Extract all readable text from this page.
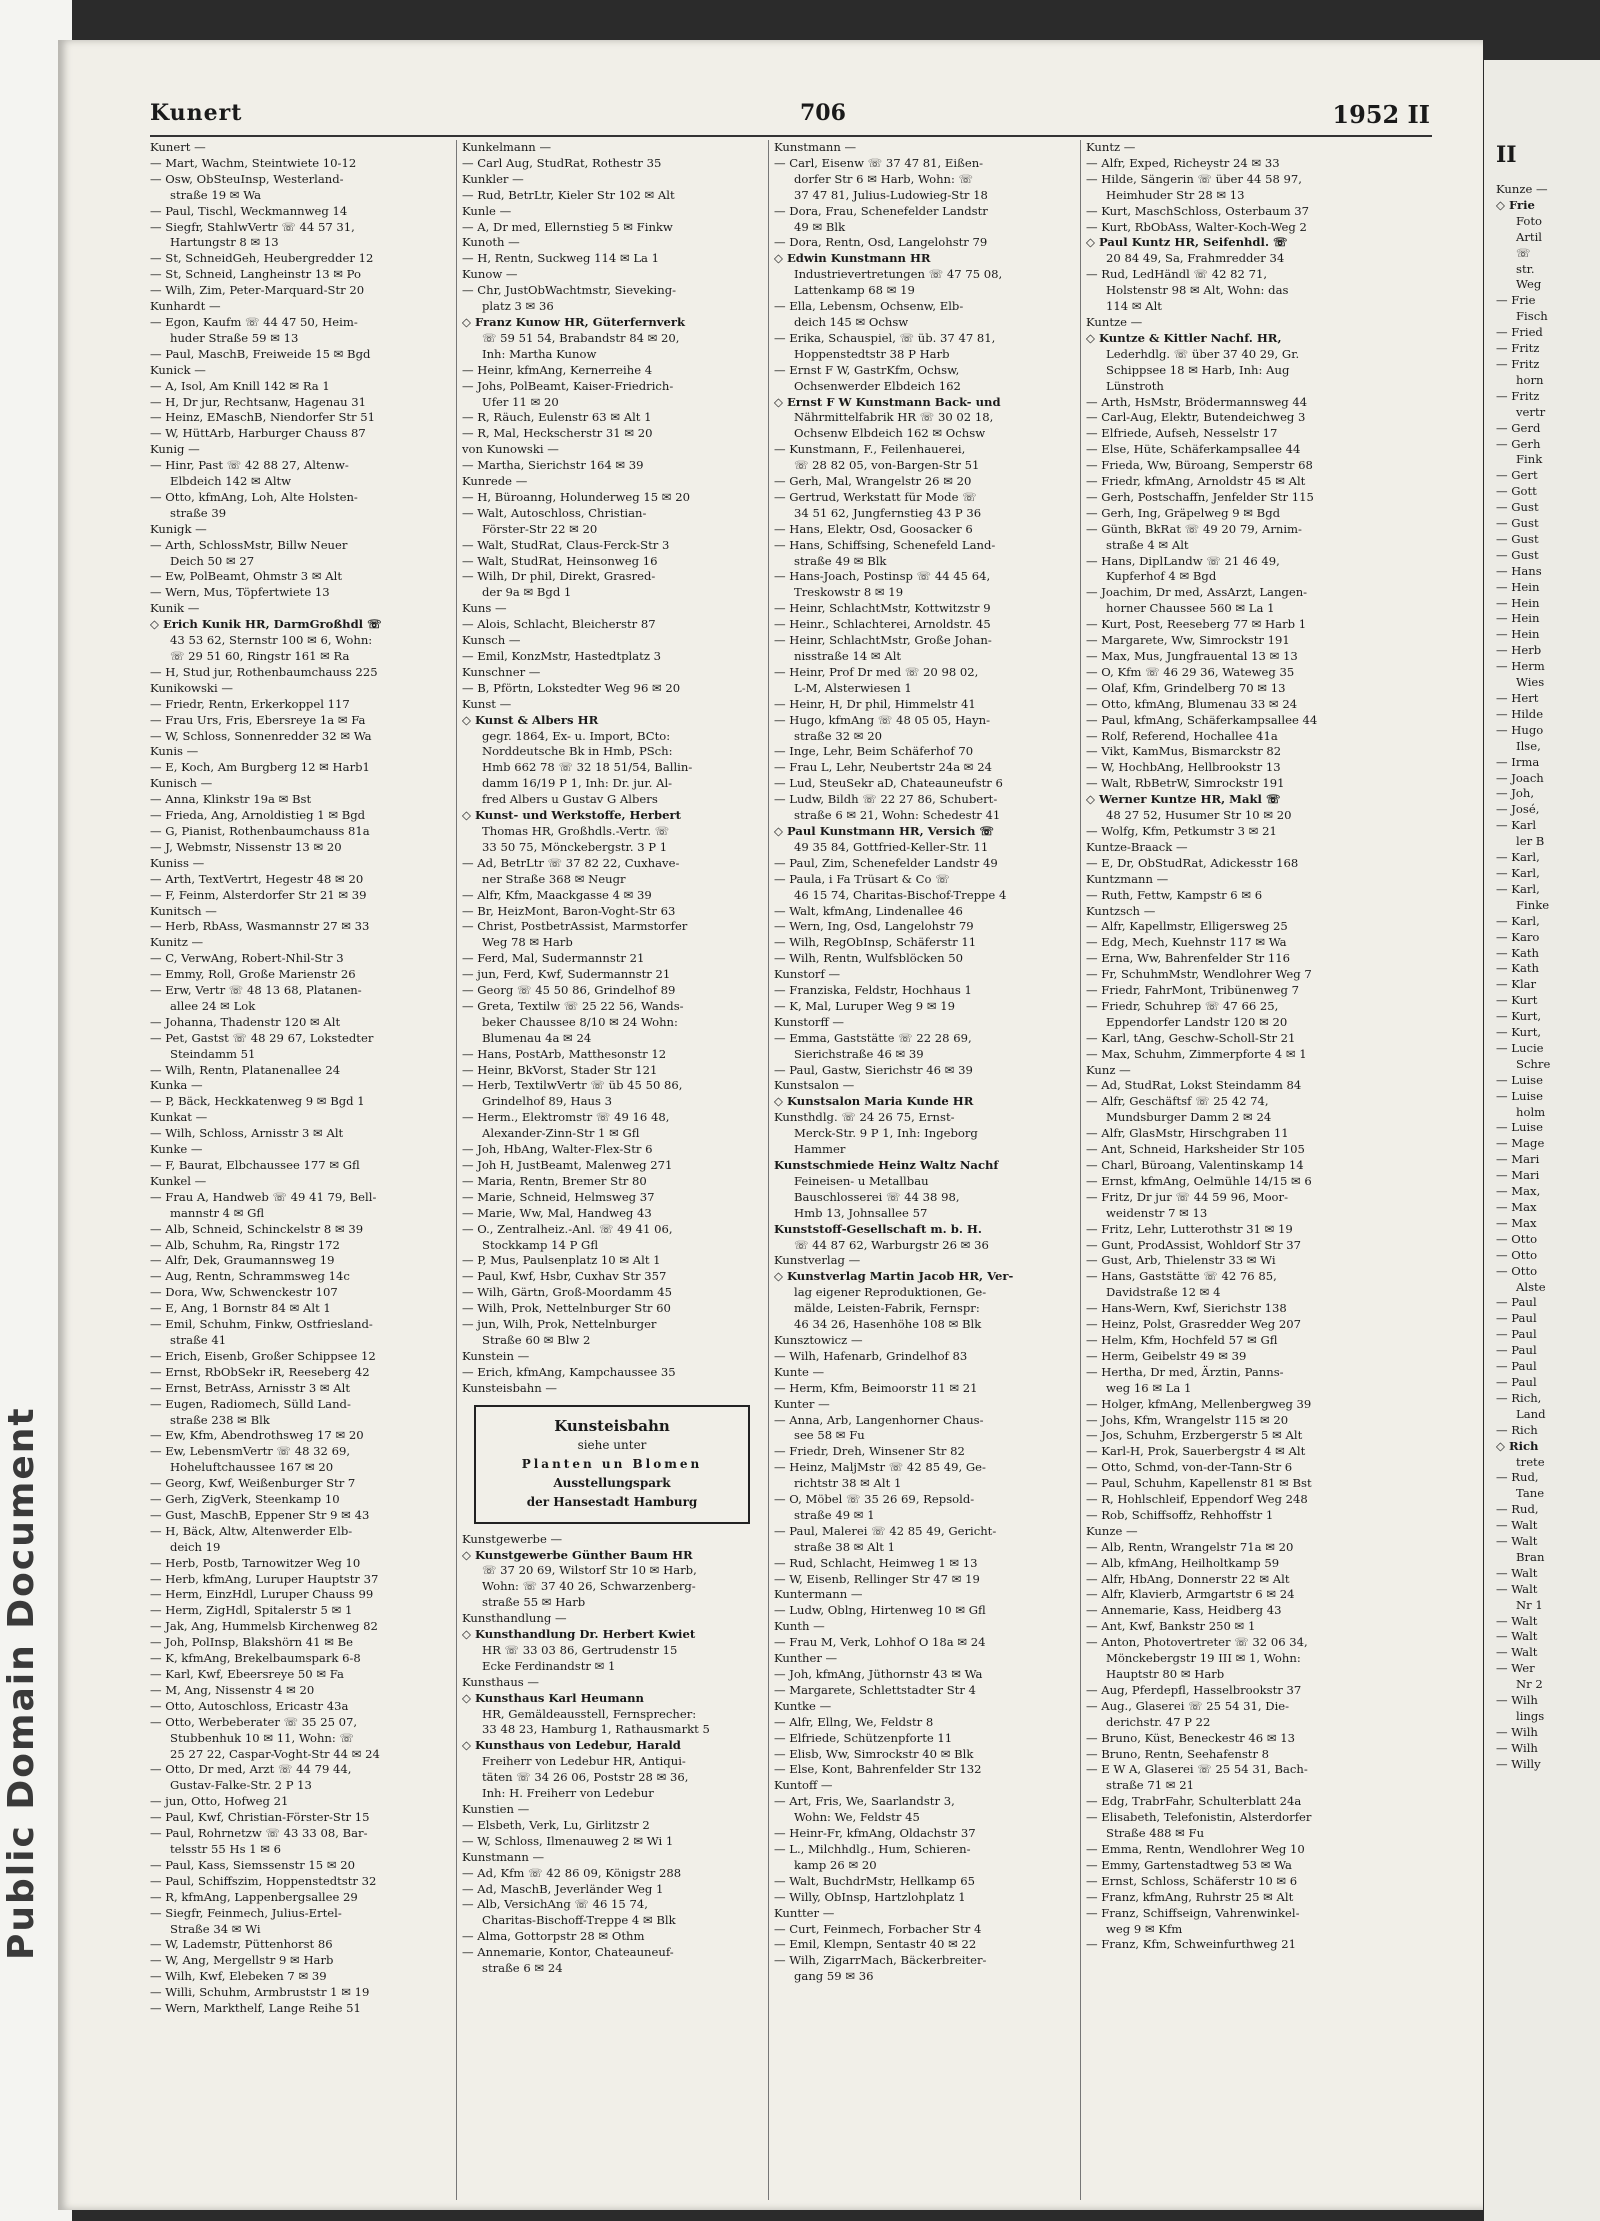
Public Domain Document
Kunert	706	1952 II
Kunert —
— Mart, Wachm, Steintwiete 10-12
— Osw, ObSteuInsp, Westerland-
straße 19 ✉ Wa
— Paul, Tischl, Weckmannweg 14
— Siegfr, StahlwVertr ☏ 44 57 31,
Hartungstr 8 ✉ 13
— St, SchneidGeh, Heubergredder 12
— St, Schneid, Langheinstr 13 ✉ Po
— Wilh, Zim, Peter-Marquard-Str 20
Kunhardt —
— Egon, Kaufm ☏ 44 47 50, Heim-
huder Straße 59 ✉ 13
— Paul, MaschB, Freiweide 15 ✉ Bgd
Kunick —
— A, Isol, Am Knill 142 ✉ Ra 1
— H, Dr jur, Rechtsanw, Hagenau 31
— Heinz, EMaschB, Niendorfer Str 51
— W, HüttArb, Harburger Chauss 87
Kunig —
— Hinr, Past ☏ 42 88 27, Altenw-
Elbdeich 142 ✉ Altw
— Otto, kfmAng, Loh, Alte Holsten-
straße 39
Kunigk —
— Arth, SchlossMstr, Billw Neuer
Deich 50 ✉ 27
— Ew, PolBeamt, Ohmstr 3 ✉ Alt
— Wern, Mus, Töpfertwiete 13
Kunik —
◇ Erich Kunik HR, DarmGroßhdl ☏
43 53 62, Sternstr 100 ✉ 6, Wohn:
☏ 29 51 60, Ringstr 161 ✉ Ra
— H, Stud jur, Rothenbaumchauss 225
Kunikowski —
— Friedr, Rentn, Erkerkoppel 117
— Frau Urs, Fris, Ebersreye 1a ✉ Fa
— W, Schloss, Sonnenredder 32 ✉ Wa
Kunis —
— E, Koch, Am Burgberg 12 ✉ Harb1
Kunisch —
— Anna, Klinkstr 19a ✉ Bst
— Frieda, Ang, Arnoldistieg 1 ✉ Bgd
— G, Pianist, Rothenbaumchauss 81a
— J, Webmstr, Nissenstr 13 ✉ 20
Kuniss —
— Arth, TextVertrt, Hegestr 48 ✉ 20
— F, Feinm, Alsterdorfer Str 21 ✉ 39
Kunitsch —
— Herb, RbAss, Wasmannstr 27 ✉ 33
Kunitz —
— C, VerwAng, Robert-Nhil-Str 3
— Emmy, Roll, Große Marienstr 26
— Erw, Vertr ☏ 48 13 68, Platanen-
allee 24 ✉ Lok
— Johanna, Thadenstr 120 ✉ Alt
— Pet, Gastst ☏ 48 29 67, Lokstedter
Steindamm 51
— Wilh, Rentn, Platanenallee 24
Kunka —
— P, Bäck, Heckkatenweg 9 ✉ Bgd 1
Kunkat —
— Wilh, Schloss, Arnisstr 3 ✉ Alt
Kunke —
— F, Baurat, Elbchaussee 177 ✉ Gfl
Kunkel —
— Frau A, Handweb ☏ 49 41 79, Bell-
mannstr 4 ✉ Gfl
— Alb, Schneid, Schinckelstr 8 ✉ 39
— Alb, Schuhm, Ra, Ringstr 172
— Alfr, Dek, Graumannsweg 19
— Aug, Rentn, Schrammsweg 14c
— Dora, Ww, Schwenckestr 107
— E, Ang, 1 Bornstr 84 ✉ Alt 1
— Emil, Schuhm, Finkw, Ostfriesland-
straße 41
— Erich, Eisenb, Großer Schippsee 12
— Ernst, RbObSekr iR, Reeseberg 42
— Ernst, BetrAss, Arnisstr 3 ✉ Alt
— Eugen, Radiomech, Sülld Land-
straße 238 ✉ Blk
— Ew, Kfm, Abendrothsweg 17 ✉ 20
— Ew, LebensmVertr ☏ 48 32 69,
Hoheluftchaussee 167 ✉ 20
— Georg, Kwf, Weißenburger Str 7
— Gerh, ZigVerk, Steenkamp 10
— Gust, MaschB, Eppener Str 9 ✉ 43
— H, Bäck, Altw, Altenwerder Elb-
deich 19
— Herb, Postb, Tarnowitzer Weg 10
— Herb, kfmAng, Luruper Hauptstr 37
— Herm, EinzHdl, Luruper Chauss 99
— Herm, ZigHdl, Spitalerstr 5 ✉ 1
— Jak, Ang, Hummelsb Kirchenweg 82
— Joh, PolInsp, Blakshörn 41 ✉ Be
— K, kfmAng, Brekelbaumspark 6-8
— Karl, Kwf, Ebeersreye 50 ✉ Fa
— M, Ang, Nissenstr 4 ✉ 20
— Otto, Autoschloss, Ericastr 43a
— Otto, Werbeberater ☏ 35 25 07,
Stubbenhuk 10 ✉ 11, Wohn: ☏
25 27 22, Caspar-Voght-Str 44 ✉ 24
— Otto, Dr med, Arzt ☏ 44 79 44,
Gustav-Falke-Str. 2 P 13
— jun, Otto, Hofweg 21
— Paul, Kwf, Christian-Förster-Str 15
— Paul, Rohrnetzw ☏ 43 33 08, Bar-
telsstr 55 Hs 1 ✉ 6
— Paul, Kass, Siemssenstr 15 ✉ 20
— Paul, Schiffszim, Hoppenstedtstr 32
— R, kfmAng, Lappenbergsallee 29
— Siegfr, Feinmech, Julius-Ertel-
Straße 34 ✉ Wi
— W, Lademstr, Püttenhorst 86
— W, Ang, Mergellstr 9 ✉ Harb
— Wilh, Kwf, Elebeken 7 ✉ 39
— Willi, Schuhm, Armbruststr 1 ✉ 19
— Wern, Markthelf, Lange Reihe 51
Kunkelmann —
— Carl Aug, StudRat, Rothestr 35
Kunkler —
— Rud, BetrLtr, Kieler Str 102 ✉ Alt
Kunle —
— A, Dr med, Ellernstieg 5 ✉ Finkw
Kunoth —
— H, Rentn, Suckweg 114 ✉ La 1
Kunow —
— Chr, JustObWachtmstr, Sieveking-
platz 3 ✉ 36
◇ Franz Kunow HR, Güterfernverk
☏ 59 51 54, Brabandstr 84 ✉ 20,
Inh: Martha Kunow
— Heinr, kfmAng, Kernerreihe 4
— Johs, PolBeamt, Kaiser-Friedrich-
Ufer 11 ✉ 20
— R, Räuch, Eulenstr 63 ✉ Alt 1
— R, Mal, Heckscherstr 31 ✉ 20
von Kunowski —
— Martha, Sierichstr 164 ✉ 39
Kunrede —
— H, Büroanng, Holunderweg 15 ✉ 20
— Walt, Autoschloss, Christian-
Förster-Str 22 ✉ 20
— Walt, StudRat, Claus-Ferck-Str 3
— Walt, StudRat, Heinsonweg 16
— Wilh, Dr phil, Direkt, Grasred-
der 9a ✉ Bgd 1
Kuns —
— Alois, Schlacht, Bleicherstr 87
Kunsch —
— Emil, KonzMstr, Hastedtplatz 3
Kunschner —
— B, Pförtn, Lokstedter Weg 96 ✉ 20
Kunst —
◇ Kunst & Albers HR
gegr. 1864, Ex- u. Import, BCto:
Norddeutsche Bk in Hmb, PSch:
Hmb 662 78 ☏ 32 18 51/54, Ballin-
damm 16/19 P 1, Inh: Dr. jur. Al-
fred Albers u Gustav G Albers
◇ Kunst- und Werkstoffe, Herbert
Thomas HR, Großhdls.-Vertr. ☏
33 50 75, Mönckebergstr. 3 P 1
— Ad, BetrLtr ☏ 37 82 22, Cuxhave-
ner Straße 368 ✉ Neugr
— Alfr, Kfm, Maackgasse 4 ✉ 39
— Br, HeizMont, Baron-Voght-Str 63
— Christ, PostbetrAssist, Marmstorfer
Weg 78 ✉ Harb
— Ferd, Mal, Sudermannstr 21
— jun, Ferd, Kwf, Sudermannstr 21
— Georg ☏ 45 50 86, Grindelhof 89
— Greta, Textilw ☏ 25 22 56, Wands-
beker Chaussee 8/10 ✉ 24 Wohn:
Blumenau 4a ✉ 24
— Hans, PostArb, Matthesonstr 12
— Heinr, BkVorst, Stader Str 121
— Herb, TextilwVertr ☏ üb 45 50 86,
Grindelhof 89, Haus 3
— Herm., Elektromstr ☏ 49 16 48,
Alexander-Zinn-Str 1 ✉ Gfl
— Joh, HbAng, Walter-Flex-Str 6
— Joh H, JustBeamt, Malenweg 271
— Maria, Rentn, Bremer Str 80
— Marie, Schneid, Helmsweg 37
— Marie, Ww, Mal, Handweg 43
— O., Zentralheiz.-Anl. ☏ 49 41 06,
Stockkamp 14 P Gfl
— P, Mus, Paulsenplatz 10 ✉ Alt 1
— Paul, Kwf, Hsbr, Cuxhav Str 357
— Wilh, Gärtn, Groß-Moordamm 45
— Wilh, Prok, Nettelnburger Str 60
— jun, Wilh, Prok, Nettelnburger
Straße 60 ✉ Blw 2
Kunstein —
— Erich, kfmAng, Kampchaussee 35
Kunsteisbahn —
Kunsteisbahn
siehe unter
Planten un Blomen
Ausstellungspark
der Hansestadt Hamburg
Kunstgewerbe —
◇ Kunstgewerbe Günther Baum HR
☏ 37 20 69, Wilstorf Str 10 ✉ Harb,
Wohn: ☏ 37 40 26, Schwarzenberg-
straße 55 ✉ Harb
Kunsthandlung —
◇ Kunsthandlung Dr. Herbert Kwiet
HR ☏ 33 03 86, Gertrudenstr 15
Ecke Ferdinandstr ✉ 1
Kunsthaus —
◇ Kunsthaus Karl Heumann
HR, Gemäldeausstell, Fernsprecher:
33 48 23, Hamburg 1, Rathausmarkt 5
◇ Kunsthaus von Ledebur, Harald
Freiherr von Ledebur HR, Antiqui-
täten ☏ 34 26 06, Poststr 28 ✉ 36,
Inh: H. Freiherr von Ledebur
Kunstien —
— Elsbeth, Verk, Lu, Girlitzstr 2
— W, Schloss, Ilmenauweg 2 ✉ Wi 1
Kunstmann —
— Ad, Kfm ☏ 42 86 09, Königstr 288
— Ad, MaschB, Jeverländer Weg 1
— Alb, VersichAng ☏ 46 15 74,
Charitas-Bischoff-Treppe 4 ✉ Blk
— Alma, Gottorpstr 28 ✉ Othm
— Annemarie, Kontor, Chateauneuf-
straße 6 ✉ 24
Kunstmann —
— Carl, Eisenw ☏ 37 47 81, Eißen-
dorfer Str 6 ✉ Harb, Wohn: ☏
37 47 81, Julius-Ludowieg-Str 18
— Dora, Frau, Schenefelder Landstr
49 ✉ Blk
— Dora, Rentn, Osd, Langelohstr 79
◇ Edwin Kunstmann HR
Industrievertretungen ☏ 47 75 08,
Lattenkamp 68 ✉ 19
— Ella, Lebensm, Ochsenw, Elb-
deich 145 ✉ Ochsw
— Erika, Schauspiel, ☏ üb. 37 47 81,
Hoppenstedtstr 38 P Harb
— Ernst F W, GastrKfm, Ochsw,
Ochsenwerder Elbdeich 162
◇ Ernst F W Kunstmann Back- und
Nährmittelfabrik HR ☏ 30 02 18,
Ochsenw Elbdeich 162 ✉ Ochsw
— Kunstmann, F., Feilenhauerei,
☏ 28 82 05, von-Bargen-Str 51
— Gerh, Mal, Wrangelstr 26 ✉ 20
— Gertrud, Werkstatt für Mode ☏
34 51 62, Jungfernstieg 43 P 36
— Hans, Elektr, Osd, Goosacker 6
— Hans, Schiffsing, Schenefeld Land-
straße 49 ✉ Blk
— Hans-Joach, Postinsp ☏ 44 45 64,
Treskowstr 8 ✉ 19
— Heinr, SchlachtMstr, Kottwitzstr 9
— Heinr., Schlachterei, Arnoldstr. 45
— Heinr, SchlachtMstr, Große Johan-
nisstraße 14 ✉ Alt
— Heinr, Prof Dr med ☏ 20 98 02,
L-M, Alsterwiesen 1
— Heinr, H, Dr phil, Himmelstr 41
— Hugo, kfmAng ☏ 48 05 05, Hayn-
straße 32 ✉ 20
— Inge, Lehr, Beim Schäferhof 70
— Frau L, Lehr, Neubertstr 24a ✉ 24
— Lud, SteuSekr aD, Chateauneufstr 6
— Ludw, Bildh ☏ 22 27 86, Schubert-
straße 6 ✉ 21, Wohn: Schedestr 41
◇ Paul Kunstmann HR, Versich ☏
49 35 84, Gottfried-Keller-Str. 11
— Paul, Zim, Schenefelder Landstr 49
— Paula, i Fa Trüsart & Co ☏
46 15 74, Charitas-Bischof-Treppe 4
— Walt, kfmAng, Lindenallee 46
— Wern, Ing, Osd, Langelohstr 79
— Wilh, RegObInsp, Schäferstr 11
— Wilh, Rentn, Wulfsblöcken 50
Kunstorf —
— Franziska, Feldstr, Hochhaus 1
— K, Mal, Luruper Weg 9 ✉ 19
Kunstorff —
— Emma, Gaststätte ☏ 22 28 69,
Sierichstraße 46 ✉ 39
— Paul, Gastw, Sierichstr 46 ✉ 39
Kunstsalon —
◇ Kunstsalon Maria Kunde HR
Kunsthdlg. ☏ 24 26 75, Ernst-
Merck-Str. 9 P 1, Inh: Ingeborg
Hammer
Kunstschmiede Heinz Waltz Nachf
Feineisen- u Metallbau
Bauschlosserei ☏ 44 38 98,
Hmb 13, Johnsallee 57
Kunststoff-Gesellschaft m. b. H.
☏ 44 87 62, Warburgstr 26 ✉ 36
Kunstverlag —
◇ Kunstverlag Martin Jacob HR, Ver-
lag eigener Reproduktionen, Ge-
mälde, Leisten-Fabrik, Fernspr:
46 34 26, Hasenhöhe 108 ✉ Blk
Kunsztowicz —
— Wilh, Hafenarb, Grindelhof 83
Kunte —
— Herm, Kfm, Beimoorstr 11 ✉ 21
Kunter —
— Anna, Arb, Langenhorner Chaus-
see 58 ✉ Fu
— Friedr, Dreh, Winsener Str 82
— Heinz, MaljMstr ☏ 42 85 49, Ge-
richtstr 38 ✉ Alt 1
— O, Möbel ☏ 35 26 69, Repsold-
straße 49 ✉ 1
— Paul, Malerei ☏ 42 85 49, Gericht-
straße 38 ✉ Alt 1
— Rud, Schlacht, Heimweg 1 ✉ 13
— W, Eisenb, Rellinger Str 47 ✉ 19
Kuntermann —
— Ludw, Oblng, Hirtenweg 10 ✉ Gfl
Kunth —
— Frau M, Verk, Lohhof O 18a ✉ 24
Kunther —
— Joh, kfmAng, Jüthornstr 43 ✉ Wa
— Margarete, Schlettstadter Str 4
Kuntke —
— Alfr, Ellng, We, Feldstr 8
— Elfriede, Schützenpforte 11
— Elisb, Ww, Simrockstr 40 ✉ Blk
— Else, Kont, Bahrenfelder Str 132
Kuntoff —
— Art, Fris, We, Saarlandstr 3,
Wohn: We, Feldstr 45
— Heinr-Fr, kfmAng, Oldachstr 37
— L., Milchhdlg., Hum, Schieren-
kamp 26 ✉ 20
— Walt, BuchdrMstr, Hellkamp 65
— Willy, ObInsp, Hartzlohplatz 1
Kuntter —
— Curt, Feinmech, Forbacher Str 4
— Emil, Klempn, Sentastr 40 ✉ 22
— Wilh, ZigarrMach, Bäckerbreiter-
gang 59 ✉ 36
Kuntz —
— Alfr, Exped, Richeystr 24 ✉ 33
— Hilde, Sängerin ☏ über 44 58 97,
Heimhuder Str 28 ✉ 13
— Kurt, MaschSchloss, Osterbaum 37
— Kurt, RbObAss, Walter-Koch-Weg 2
◇ Paul Kuntz HR, Seifenhdl. ☏
20 84 49, Sa, Frahmredder 34
— Rud, LedHändl ☏ 42 82 71,
Holstenstr 98 ✉ Alt, Wohn: das
114 ✉ Alt
Kuntze —
◇ Kuntze & Kittler Nachf. HR,
Lederhdlg. ☏ über 37 40 29, Gr.
Schippsee 18 ✉ Harb, Inh: Aug
Lünstroth
— Arth, HsMstr, Brödermannsweg 44
— Carl-Aug, Elektr, Butendeichweg 3
— Elfriede, Aufseh, Nesselstr 17
— Else, Hüte, Schäferkampsallee 44
— Frieda, Ww, Büroang, Semperstr 68
— Friedr, kfmAng, Arnoldstr 45 ✉ Alt
— Gerh, Postschaffn, Jenfelder Str 115
— Gerh, Ing, Gräpelweg 9 ✉ Bgd
— Günth, BkRat ☏ 49 20 79, Arnim-
straße 4 ✉ Alt
— Hans, DiplLandw ☏ 21 46 49,
Kupferhof 4 ✉ Bgd
— Joachim, Dr med, AssArzt, Langen-
horner Chaussee 560 ✉ La 1
— Kurt, Post, Reeseberg 77 ✉ Harb 1
— Margarete, Ww, Simrockstr 191
— Max, Mus, Jungfrauental 13 ✉ 13
— O, Kfm ☏ 46 29 36, Wateweg 35
— Olaf, Kfm, Grindelberg 70 ✉ 13
— Otto, kfmAng, Blumenau 33 ✉ 24
— Paul, kfmAng, Schäferkampsallee 44
— Rolf, Referend, Hochallee 41a
— Vikt, KamMus, Bismarckstr 82
— W, HochbAng, Hellbrookstr 13
— Walt, RbBetrW, Simrockstr 191
◇ Werner Kuntze HR, Makl ☏
48 27 52, Husumer Str 10 ✉ 20
— Wolfg, Kfm, Petkumstr 3 ✉ 21
Kuntze-Braack —
— E, Dr, ObStudRat, Adickesstr 168
Kuntzmann —
— Ruth, Fettw, Kampstr 6 ✉ 6
Kuntzsch —
— Alfr, Kapellmstr, Elligersweg 25
— Edg, Mech, Kuehnstr 117 ✉ Wa
— Erna, Ww, Bahrenfelder Str 116
— Fr, SchuhmMstr, Wendlohrer Weg 7
— Friedr, FahrMont, Tribünenweg 7
— Friedr, Schuhrep ☏ 47 66 25,
Eppendorfer Landstr 120 ✉ 20
— Karl, tAng, Geschw-Scholl-Str 21
— Max, Schuhm, Zimmerpforte 4 ✉ 1
Kunz —
— Ad, StudRat, Lokst Steindamm 84
— Alfr, Geschäftsf ☏ 25 42 74,
Mundsburger Damm 2 ✉ 24
— Alfr, GlasMstr, Hirschgraben 11
— Ant, Schneid, Harksheider Str 105
— Charl, Büroang, Valentinskamp 14
— Ernst, kfmAng, Oelmühle 14/15 ✉ 6
— Fritz, Dr jur ☏ 44 59 96, Moor-
weidenstr 7 ✉ 13
— Fritz, Lehr, Lutterothstr 31 ✉ 19
— Gunt, ProdAssist, Wohldorf Str 37
— Gust, Arb, Thielenstr 33 ✉ Wi
— Hans, Gaststätte ☏ 42 76 85,
Davidstraße 12 ✉ 4
— Hans-Wern, Kwf, Sierichstr 138
— Heinz, Polst, Grasredder Weg 207
— Helm, Kfm, Hochfeld 57 ✉ Gfl
— Herm, Geibelstr 49 ✉ 39
— Hertha, Dr med, Ärztin, Panns-
weg 16 ✉ La 1
— Holger, kfmAng, Mellenbergweg 39
— Johs, Kfm, Wrangelstr 115 ✉ 20
— Jos, Schuhm, Erzbergerstr 5 ✉ Alt
— Karl-H, Prok, Sauerbergstr 4 ✉ Alt
— Otto, Schmd, von-der-Tann-Str 6
— Paul, Schuhm, Kapellenstr 81 ✉ Bst
— R, Hohlschleif, Eppendorf Weg 248
— Rob, Schiffsoffz, Rehhoffstr 1
Kunze —
— Alb, Rentn, Wrangelstr 71a ✉ 20
— Alb, kfmAng, Heilholtkamp 59
— Alfr, HbAng, Donnerstr 22 ✉ Alt
— Alfr, Klavierb, Armgartstr 6 ✉ 24
— Annemarie, Kass, Heidberg 43
— Ant, Kwf, Bankstr 250 ✉ 1
— Anton, Photovertreter ☏ 32 06 34,
Mönckebergstr 19 III ✉ 1, Wohn:
Hauptstr 80 ✉ Harb
— Aug, Pferdepfl, Hasselbrookstr 37
— Aug., Glaserei ☏ 25 54 31, Die-
derichstr. 47 P 22
— Bruno, Küst, Beneckestr 46 ✉ 13
— Bruno, Rentn, Seehafenstr 8
— E W A, Glaserei ☏ 25 54 31, Bach-
straße 71 ✉ 21
— Edg, TrabrFahr, Schulterblatt 24a
— Elisabeth, Telefonistin, Alsterdorfer
Straße 488 ✉ Fu
— Emma, Rentn, Wendlohrer Weg 10
— Emmy, Gartenstadtweg 53 ✉ Wa
— Ernst, Schloss, Schäferstr 10 ✉ 6
— Franz, kfmAng, Ruhrstr 25 ✉ Alt
— Franz, Schiffseign, Vahrenwinkel-
weg 9 ✉ Kfm
— Franz, Kfm, Schweinfurthweg 21
II
Kunze —
◇ Frie
Foto
Artil
☏
str.
Weg
— Frie
Fisch
— Fried
— Fritz
— Fritz
horn
— Fritz
vertr
— Gerd
— Gerh
Fink
— Gert
— Gott
— Gust
— Gust
— Gust
— Gust
— Hans
— Hein
— Hein
— Hein
— Hein
— Herb
— Herm
Wies
— Hert
— Hilde
— Hugo
Ilse,
— Irma
— Joach
— Joh,
— José,
— Karl
ler B
— Karl,
— Karl,
— Karl,
Finke
— Karl,
— Karo
— Kath
— Kath
— Klar
— Kurt
— Kurt,
— Kurt,
— Lucie
Schre
— Luise
— Luise
holm
— Luise
— Mage
— Mari
— Mari
— Max,
— Max
— Max
— Otto
— Otto
— Otto
Alste
— Paul
— Paul
— Paul
— Paul
— Paul
— Paul
— Rich,
Land
— Rich
◇ Rich
trete
— Rud,
Tane
— Rud,
— Walt
— Walt
Bran
— Walt
— Walt
Nr 1
— Walt
— Walt
— Walt
— Wer
Nr 2
— Wilh
lings
— Wilh
— Wilh
— Willy
